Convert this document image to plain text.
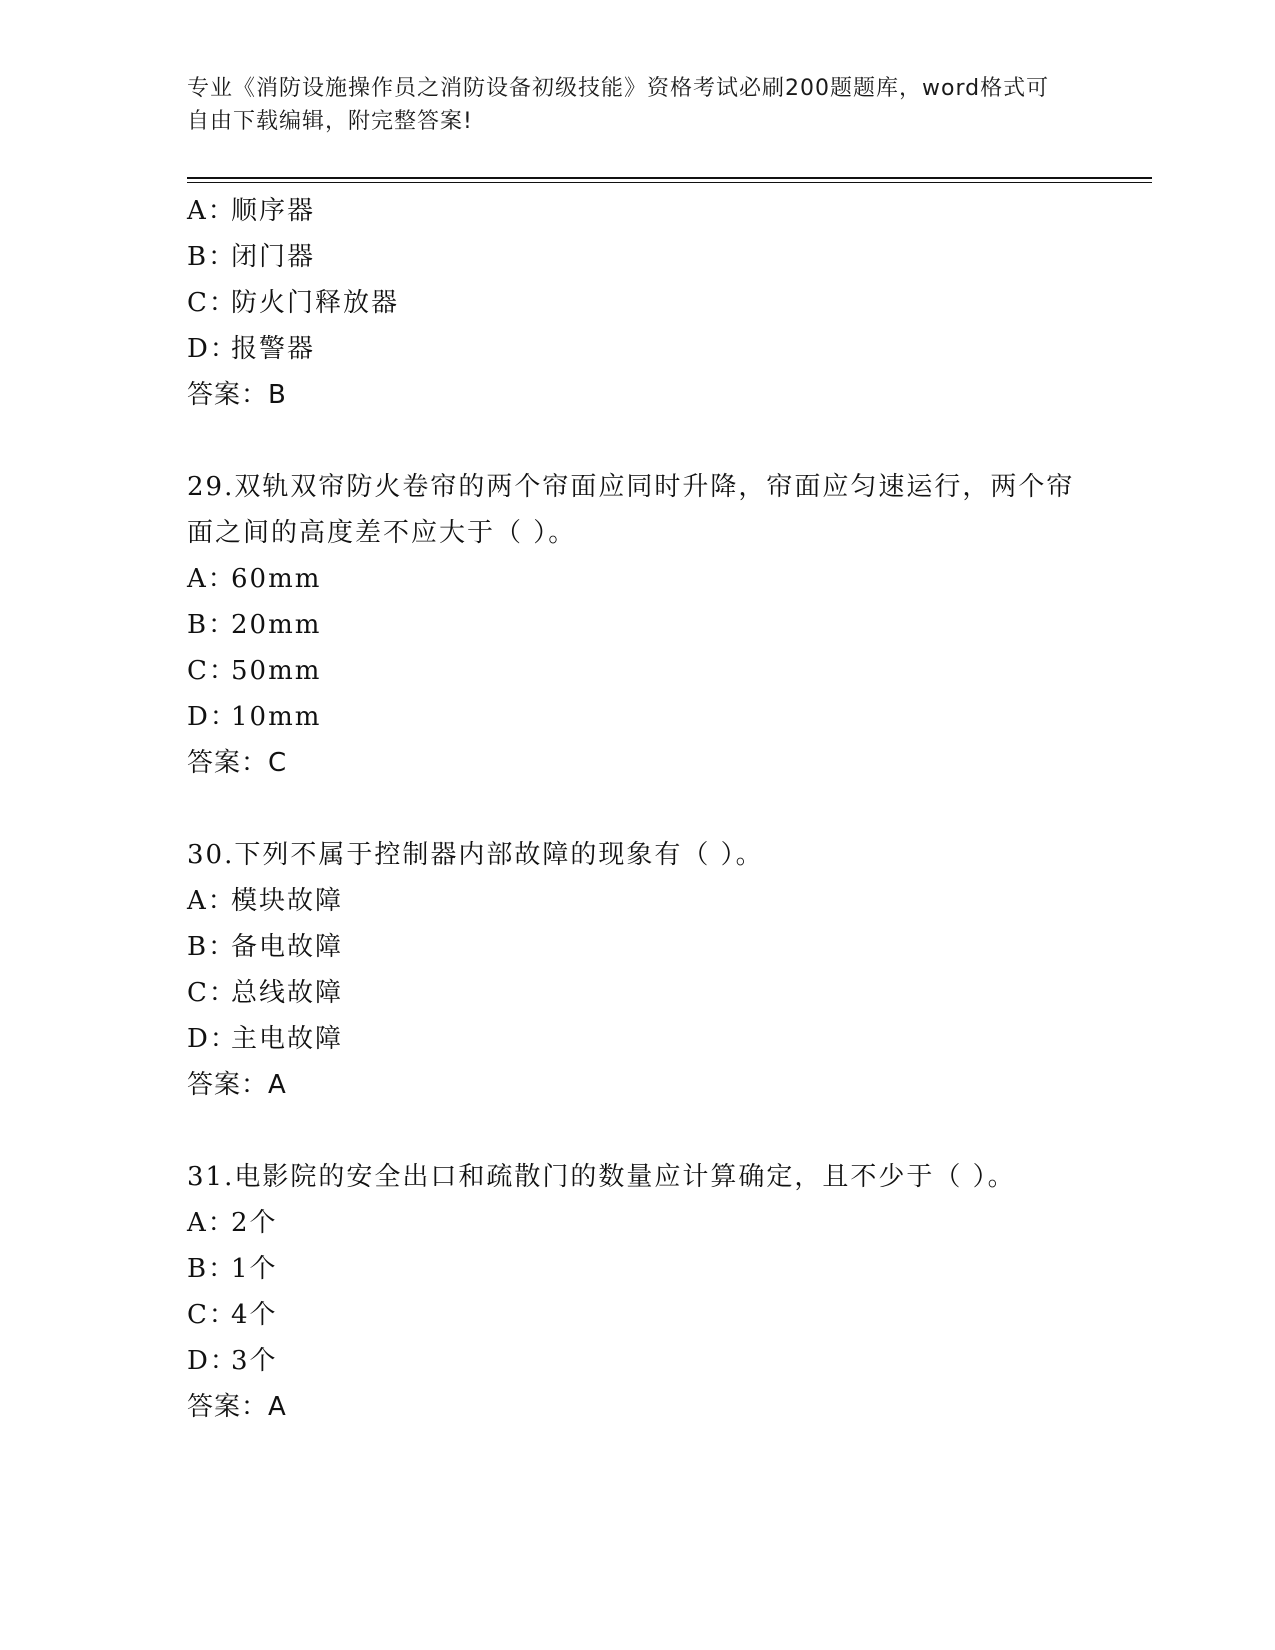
专业《消防设施操作员之消防设备初级技能》资格考试必刷200题题库，word格式可自由下载编辑，附完整答案!
A：顺序器
B：闭门器
C：防火门释放器
D：报警器
答案：B
29.双轨双帘防火卷帘的两个帘面应同时升降，帘面应匀速运行，两个帘面之间的高度差不应大于（ ）。
A：60mm
B：20mm
C：50mm
D：10mm
答案：C
30.下列不属于控制器内部故障的现象有（ ）。
A：模块故障
B：备电故障
C：总线故障
D：主电故障
答案：A
31.电影院的安全出口和疏散门的数量应计算确定，且不少于（ ）。
A：2个
B：1个
C：4个
D：3个
答案：A
